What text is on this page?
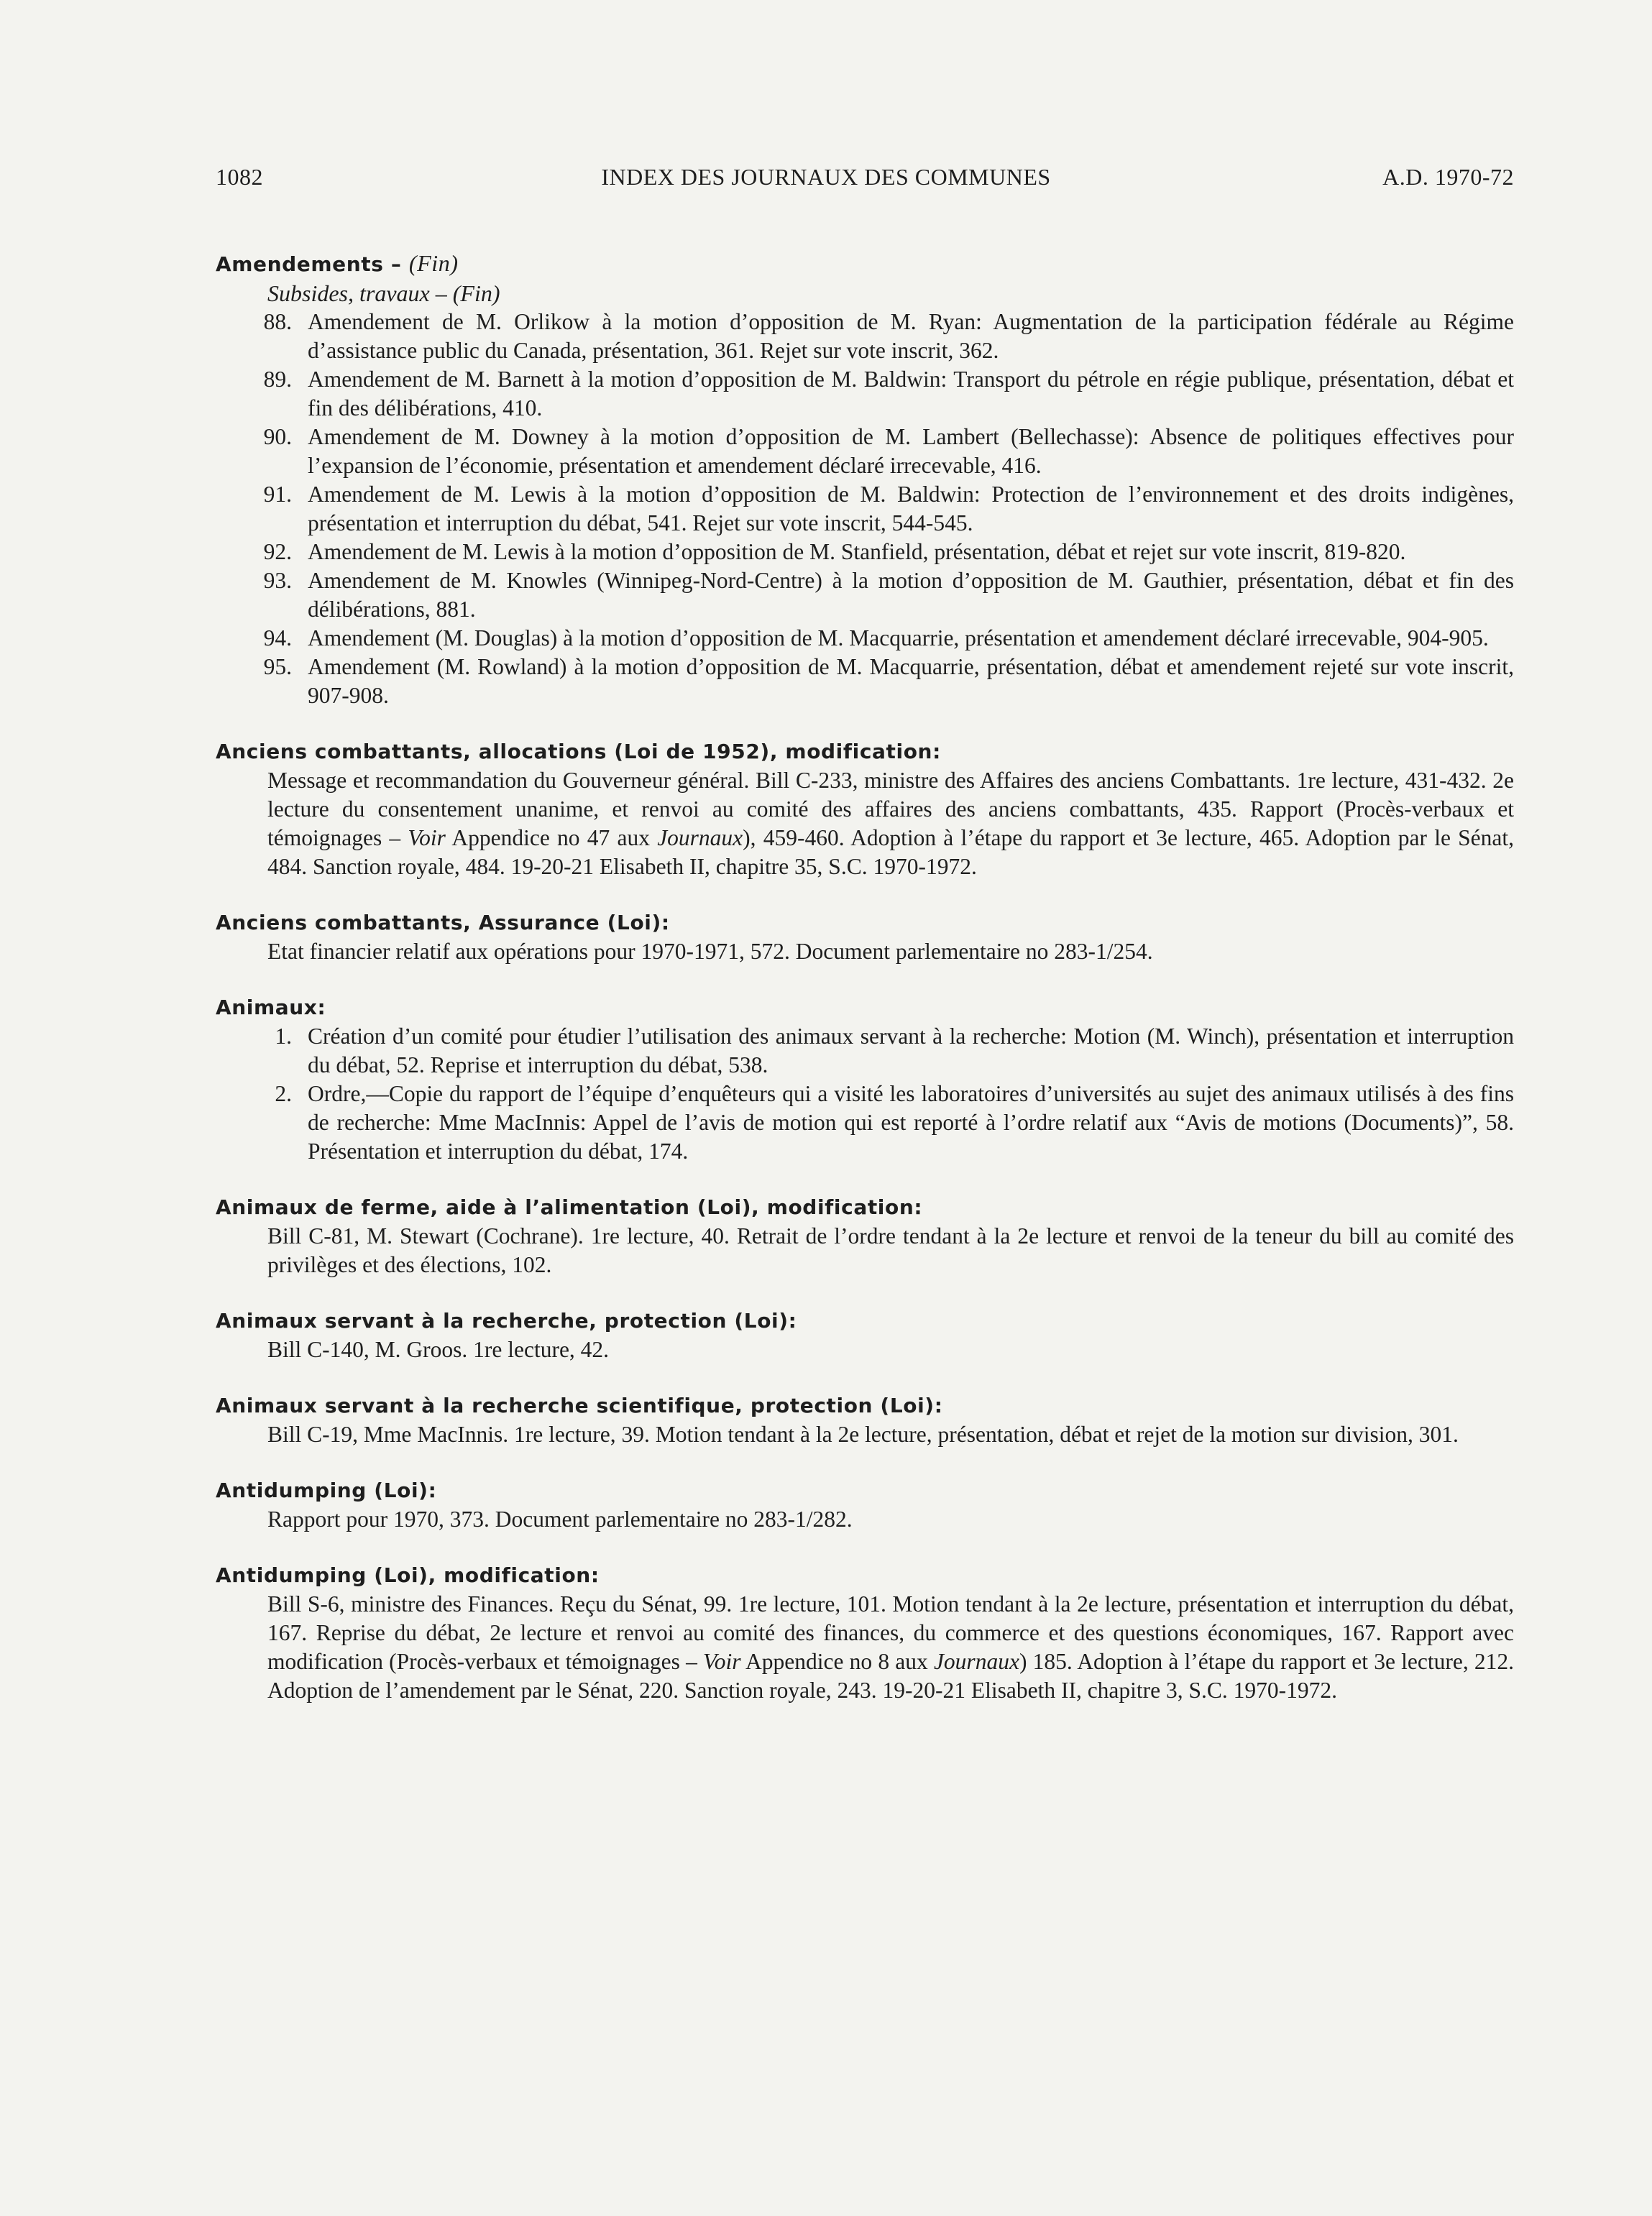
1082	INDEX DES JOURNAUX DES COMMUNES	A.D. 1970-72
Amendements – (Fin)
Subsides, travaux – (Fin)
88. Amendement de M. Orlikow à la motion d’opposition de M. Ryan: Augmentation de la participation fédérale au Régime d’assistance public du Canada, présentation, 361. Rejet sur vote inscrit, 362.
89. Amendement de M. Barnett à la motion d’opposition de M. Baldwin: Transport du pétrole en régie publique, présentation, débat et fin des délibérations, 410.
90. Amendement de M. Downey à la motion d’opposition de M. Lambert (Bellechasse): Absence de politiques effectives pour l’expansion de l’économie, présentation et amendement déclaré irrecevable, 416.
91. Amendement de M. Lewis à la motion d’opposition de M. Baldwin: Protection de l’environnement et des droits indigènes, présentation et interruption du débat, 541. Rejet sur vote inscrit, 544-545.
92. Amendement de M. Lewis à la motion d’opposition de M. Stanfield, présentation, débat et rejet sur vote inscrit, 819-820.
93. Amendement de M. Knowles (Winnipeg-Nord-Centre) à la motion d’opposition de M. Gauthier, présentation, débat et fin des délibérations, 881.
94. Amendement (M. Douglas) à la motion d’opposition de M. Macquarrie, présentation et amendement déclaré irrecevable, 904-905.
95. Amendement (M. Rowland) à la motion d’opposition de M. Macquarrie, présentation, débat et amendement rejeté sur vote inscrit, 907-908.
Anciens combattants, allocations (Loi de 1952), modification:
Message et recommandation du Gouverneur général. Bill C-233, ministre des Affaires des anciens Combattants. 1re lecture, 431-432. 2e lecture du consentement unanime, et renvoi au comité des affaires des anciens combattants, 435. Rapport (Procès-verbaux et témoignages – Voir Appendice no 47 aux Journaux), 459-460. Adoption à l’étape du rapport et 3e lecture, 465. Adoption par le Sénat, 484. Sanction royale, 484. 19-20-21 Elisabeth II, chapitre 35, S.C. 1970-1972.
Anciens combattants, Assurance (Loi):
Etat financier relatif aux opérations pour 1970-1971, 572. Document parlementaire no 283-1/254.
Animaux:
1. Création d’un comité pour étudier l’utilisation des animaux servant à la recherche: Motion (M. Winch), présentation et interruption du débat, 52. Reprise et interruption du débat, 538.
2. Ordre,—Copie du rapport de l’équipe d’enquêteurs qui a visité les laboratoires d’universités au sujet des animaux utilisés à des fins de recherche: Mme MacInnis: Appel de l’avis de motion qui est reporté à l’ordre relatif aux “Avis de motions (Documents)”, 58. Présentation et interruption du débat, 174.
Animaux de ferme, aide à l’alimentation (Loi), modification:
Bill C-81, M. Stewart (Cochrane). 1re lecture, 40. Retrait de l’ordre tendant à la 2e lecture et renvoi de la teneur du bill au comité des privilèges et des élections, 102.
Animaux servant à la recherche, protection (Loi):
Bill C-140, M. Groos. 1re lecture, 42.
Animaux servant à la recherche scientifique, protection (Loi):
Bill C-19, Mme MacInnis. 1re lecture, 39. Motion tendant à la 2e lecture, présentation, débat et rejet de la motion sur division, 301.
Antidumping (Loi):
Rapport pour 1970, 373. Document parlementaire no 283-1/282.
Antidumping (Loi), modification:
Bill S-6, ministre des Finances. Reçu du Sénat, 99. 1re lecture, 101. Motion tendant à la 2e lecture, présentation et interruption du débat, 167. Reprise du débat, 2e lecture et renvoi au comité des finances, du commerce et des questions économiques, 167. Rapport avec modification (Procès-verbaux et témoignages – Voir Appendice no 8 aux Journaux) 185. Adoption à l’étape du rapport et 3e lecture, 212. Adoption de l’amendement par le Sénat, 220. Sanction royale, 243. 19-20-21 Elisabeth II, chapitre 3, S.C. 1970-1972.
